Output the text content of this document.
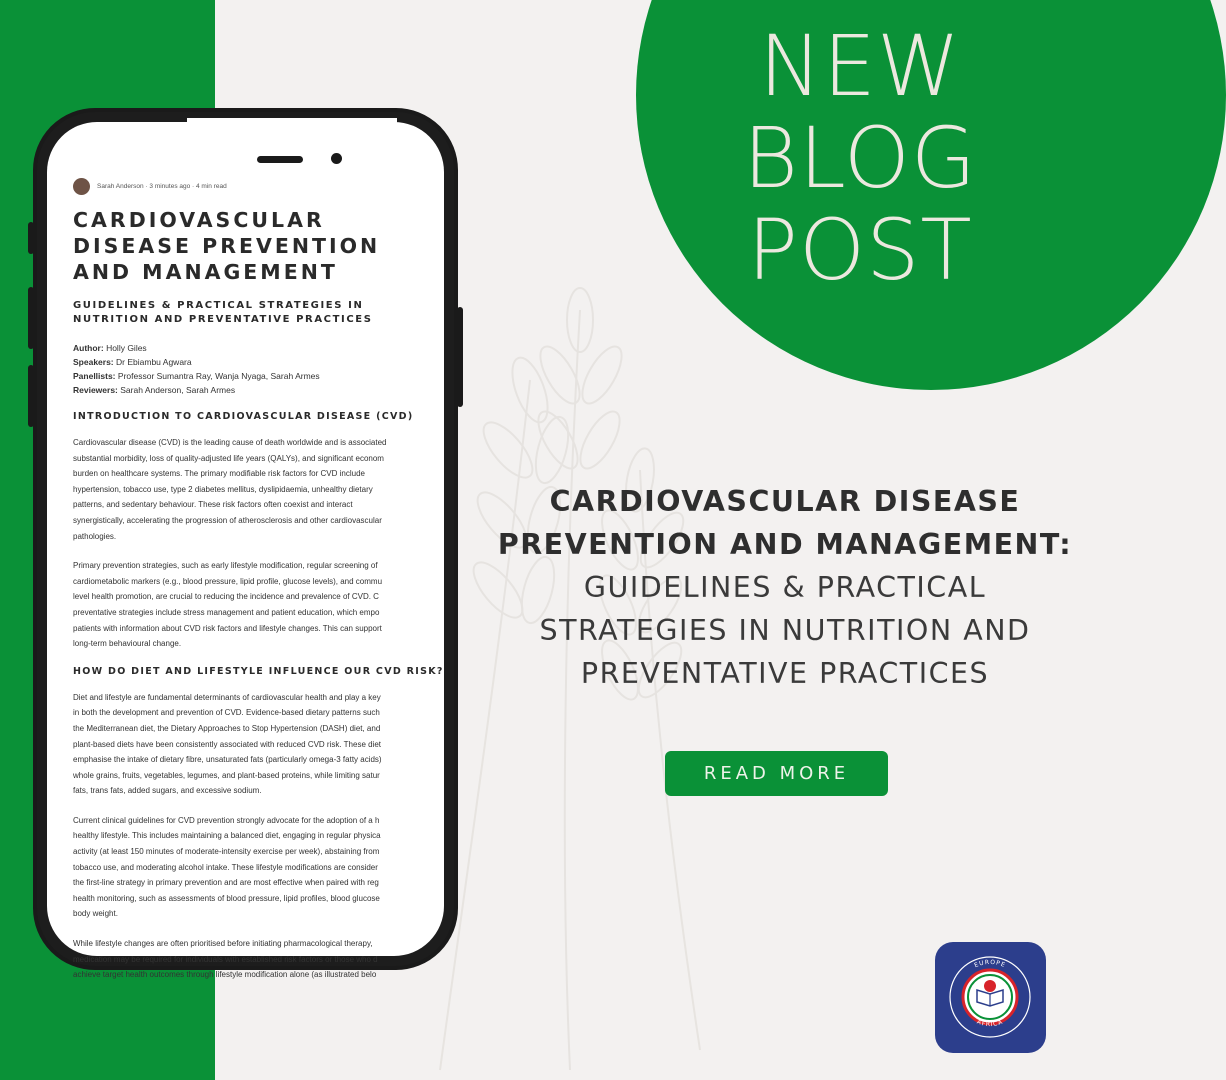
NEW
BLOG
POST
Sarah Anderson · 3 minutes ago · 4 min read
CARDIOVASCULAR
DISEASE PREVENTION
AND MANAGEMENT
GUIDELINES & PRACTICAL STRATEGIES IN
NUTRITION AND PREVENTATIVE PRACTICES
Author: Holly Giles
Speakers: Dr Ebiambu Agwara
Panellists: Professor Sumantra Ray, Wanja Nyaga, Sarah Armes
Reviewers: Sarah Anderson, Sarah Armes
INTRODUCTION TO CARDIOVASCULAR DISEASE (CVD)
Cardiovascular disease (CVD) is the leading cause of death worldwide and is associated
substantial morbidity, loss of quality-adjusted life years (QALYs), and significant econom
burden on healthcare systems. The primary modifiable risk factors for CVD include
hypertension, tobacco use, type 2 diabetes mellitus, dyslipidaemia, unhealthy dietary
patterns, and sedentary behaviour. These risk factors often coexist and interact
synergistically, accelerating the progression of atherosclerosis and other cardiovascular
pathologies.
Primary prevention strategies, such as early lifestyle modification, regular screening of
cardiometabolic markers (e.g., blood pressure, lipid profile, glucose levels), and commu
level health promotion, are crucial to reducing the incidence and prevalence of CVD. C
preventative strategies include stress management and patient education, which empo
patients with information about CVD risk factors and lifestyle changes. This can support
long-term behavioural change.
HOW DO DIET AND LIFESTYLE INFLUENCE OUR CVD RISK?
Diet and lifestyle are fundamental determinants of cardiovascular health and play a key
in both the development and prevention of CVD. Evidence-based dietary patterns such
the Mediterranean diet, the Dietary Approaches to Stop Hypertension (DASH) diet, and
plant-based diets have been consistently associated with reduced CVD risk. These diet
emphasise the intake of dietary fibre, unsaturated fats (particularly omega-3 fatty acids)
whole grains, fruits, vegetables, legumes, and plant-based proteins, while limiting satur
fats, trans fats, added sugars, and excessive sodium.
Current clinical guidelines for CVD prevention strongly advocate for the adoption of a h
healthy lifestyle. This includes maintaining a balanced diet, engaging in regular physica
activity (at least 150 minutes of moderate-intensity exercise per week), abstaining from
tobacco use, and moderating alcohol intake. These lifestyle modifications are consider
the first-line strategy in primary prevention and are most effective when paired with reg
health monitoring, such as assessments of blood pressure, lipid profiles, blood glucose
body weight.
While lifestyle changes are often prioritised before initiating pharmacological therapy,
medication may be required for individuals with established risk factors or those who d
achieve target health outcomes through lifestyle modification alone (as illustrated belo
CARDIOVASCULAR DISEASE
PREVENTION AND MANAGEMENT:
GUIDELINES & PRACTICAL
STRATEGIES IN NUTRITION AND
PREVENTATIVE PRACTICES
READ MORE
EUROPE
AFRICA
